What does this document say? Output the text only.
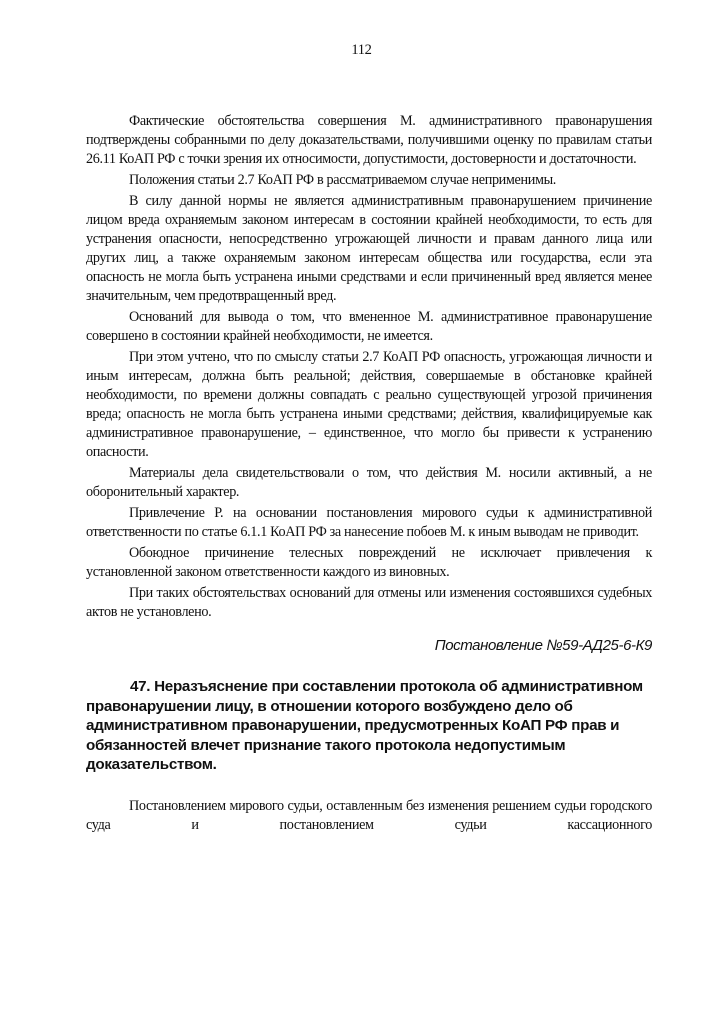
112

Фактические обстоятельства совершения М. административного правонарушения подтверждены собранными по делу доказательствами, получившими оценку по правилам статьи 26.11 КоАП РФ с точки зрения их относимости, допустимости, достоверности и достаточности.

Положения статьи 2.7 КоАП РФ в рассматриваемом случае неприменимы.

В силу данной нормы не является административным правонарушением причинение лицом вреда охраняемым законом интересам в состоянии крайней необходимости, то есть для устранения опасности, непосредственно угрожающей личности и правам данного лица или других лиц, а также охраняемым законом интересам общества или государства, если эта опасность не могла быть устранена иными средствами и если причиненный вред является менее значительным, чем предотвращенный вред.

Оснований для вывода о том, что вмененное М. административное правонарушение совершено в состоянии крайней необходимости, не имеется.

При этом учтено, что по смыслу статьи 2.7 КоАП РФ опасность, угрожающая личности и иным интересам, должна быть реальной; действия, совершаемые в обстановке крайней необходимости, по времени должны совпадать с реально существующей угрозой причинения вреда; опасность не могла быть устранена иными средствами; действия, квалифицируемые как административное правонарушение, – единственное, что могло бы привести к устранению опасности.

Материалы дела свидетельствовали о том, что действия М. носили активный, а не оборонительный характер.

Привлечение Р. на основании постановления мирового судьи к административной ответственности по статье 6.1.1 КоАП РФ за нанесение побоев М. к иным выводам не приводит.

Обоюдное причинение телесных повреждений не исключает привлечения к установленной законом ответственности каждого из виновных.

При таких обстоятельствах оснований для отмены или изменения состоявшихся судебных актов не установлено.

Постановление №59-АД25-6-К9
47. Неразъяснение при составлении протокола об административном правонарушении лицу, в отношении которого возбуждено дело об административном правонарушении, предусмотренных КоАП РФ прав и обязанностей влечет признание такого протокола недопустимым доказательством.

Постановлением мирового судьи, оставленным без изменения решением судьи городского суда и постановлением судьи кассационного
